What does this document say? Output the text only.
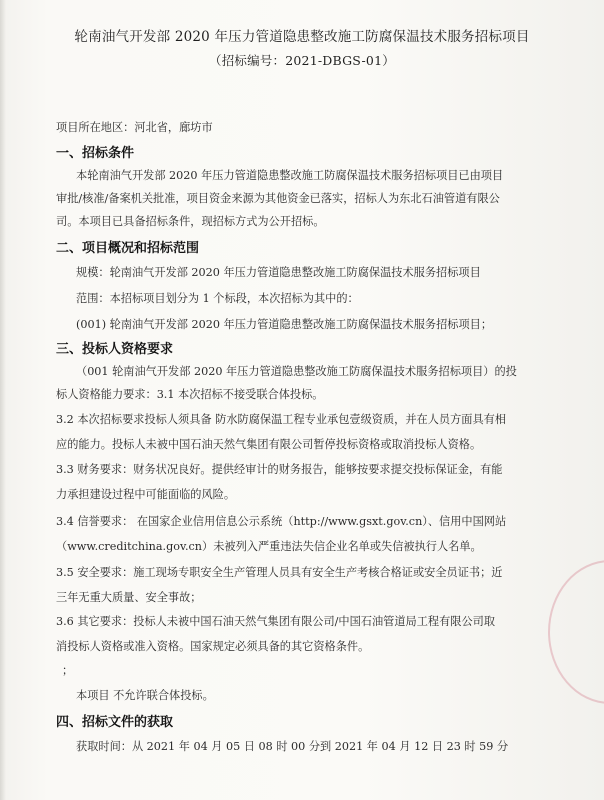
轮南油气开发部 2020 年压力管道隐患整改施工防腐保温技术服务招标项目
（招标编号：2021-DBGS-01）
项目所在地区：河北省，廊坊市
一、招标条件
本轮南油气开发部 2020 年压力管道隐患整改施工防腐保温技术服务招标项目已由项目
审批/核准/备案机关批准，项目资金来源为其他资金已落实，招标人为东北石油管道有限公
司。本项目已具备招标条件，现招标方式为公开招标。
二、项目概况和招标范围
规模：轮南油气开发部 2020 年压力管道隐患整改施工防腐保温技术服务招标项目
范围：本招标项目划分为 1 个标段，本次招标为其中的：
(001) 轮南油气开发部 2020 年压力管道隐患整改施工防腐保温技术服务招标项目；
三、投标人资格要求
（001 轮南油气开发部 2020 年压力管道隐患整改施工防腐保温技术服务招标项目）的投
标人资格能力要求：3.1 本次招标不接受联合体投标。
3.2 本次招标要求投标人须具备 防水防腐保温工程专业承包壹级资质，并在人员方面具有相
应的能力。投标人未被中国石油天然气集团有限公司暂停投标资格或取消投标人资格。
3.3 财务要求：财务状况良好。提供经审计的财务报告，能够按要求提交投标保证金，有能
力承担建设过程中可能面临的风险。
3.4 信誉要求： 在国家企业信用信息公示系统（http://www.gsxt.gov.cn）、信用中国网站
（www.creditchina.gov.cn）未被列入严重违法失信企业名单或失信被执行人名单。
3.5 安全要求：施工现场专职安全生产管理人员具有安全生产考核合格证或安全员证书；近
三年无重大质量、安全事故；
3.6 其它要求：投标人未被中国石油天然气集团有限公司/中国石油管道局工程有限公司取
消投标人资格或准入资格。国家规定必须具备的其它资格条件。
；
本项目 不允许联合体投标。
四、招标文件的获取
获取时间：从 2021 年 04 月 05 日 08 时 00 分到 2021 年 04 月 12 日 23 时 59 分
